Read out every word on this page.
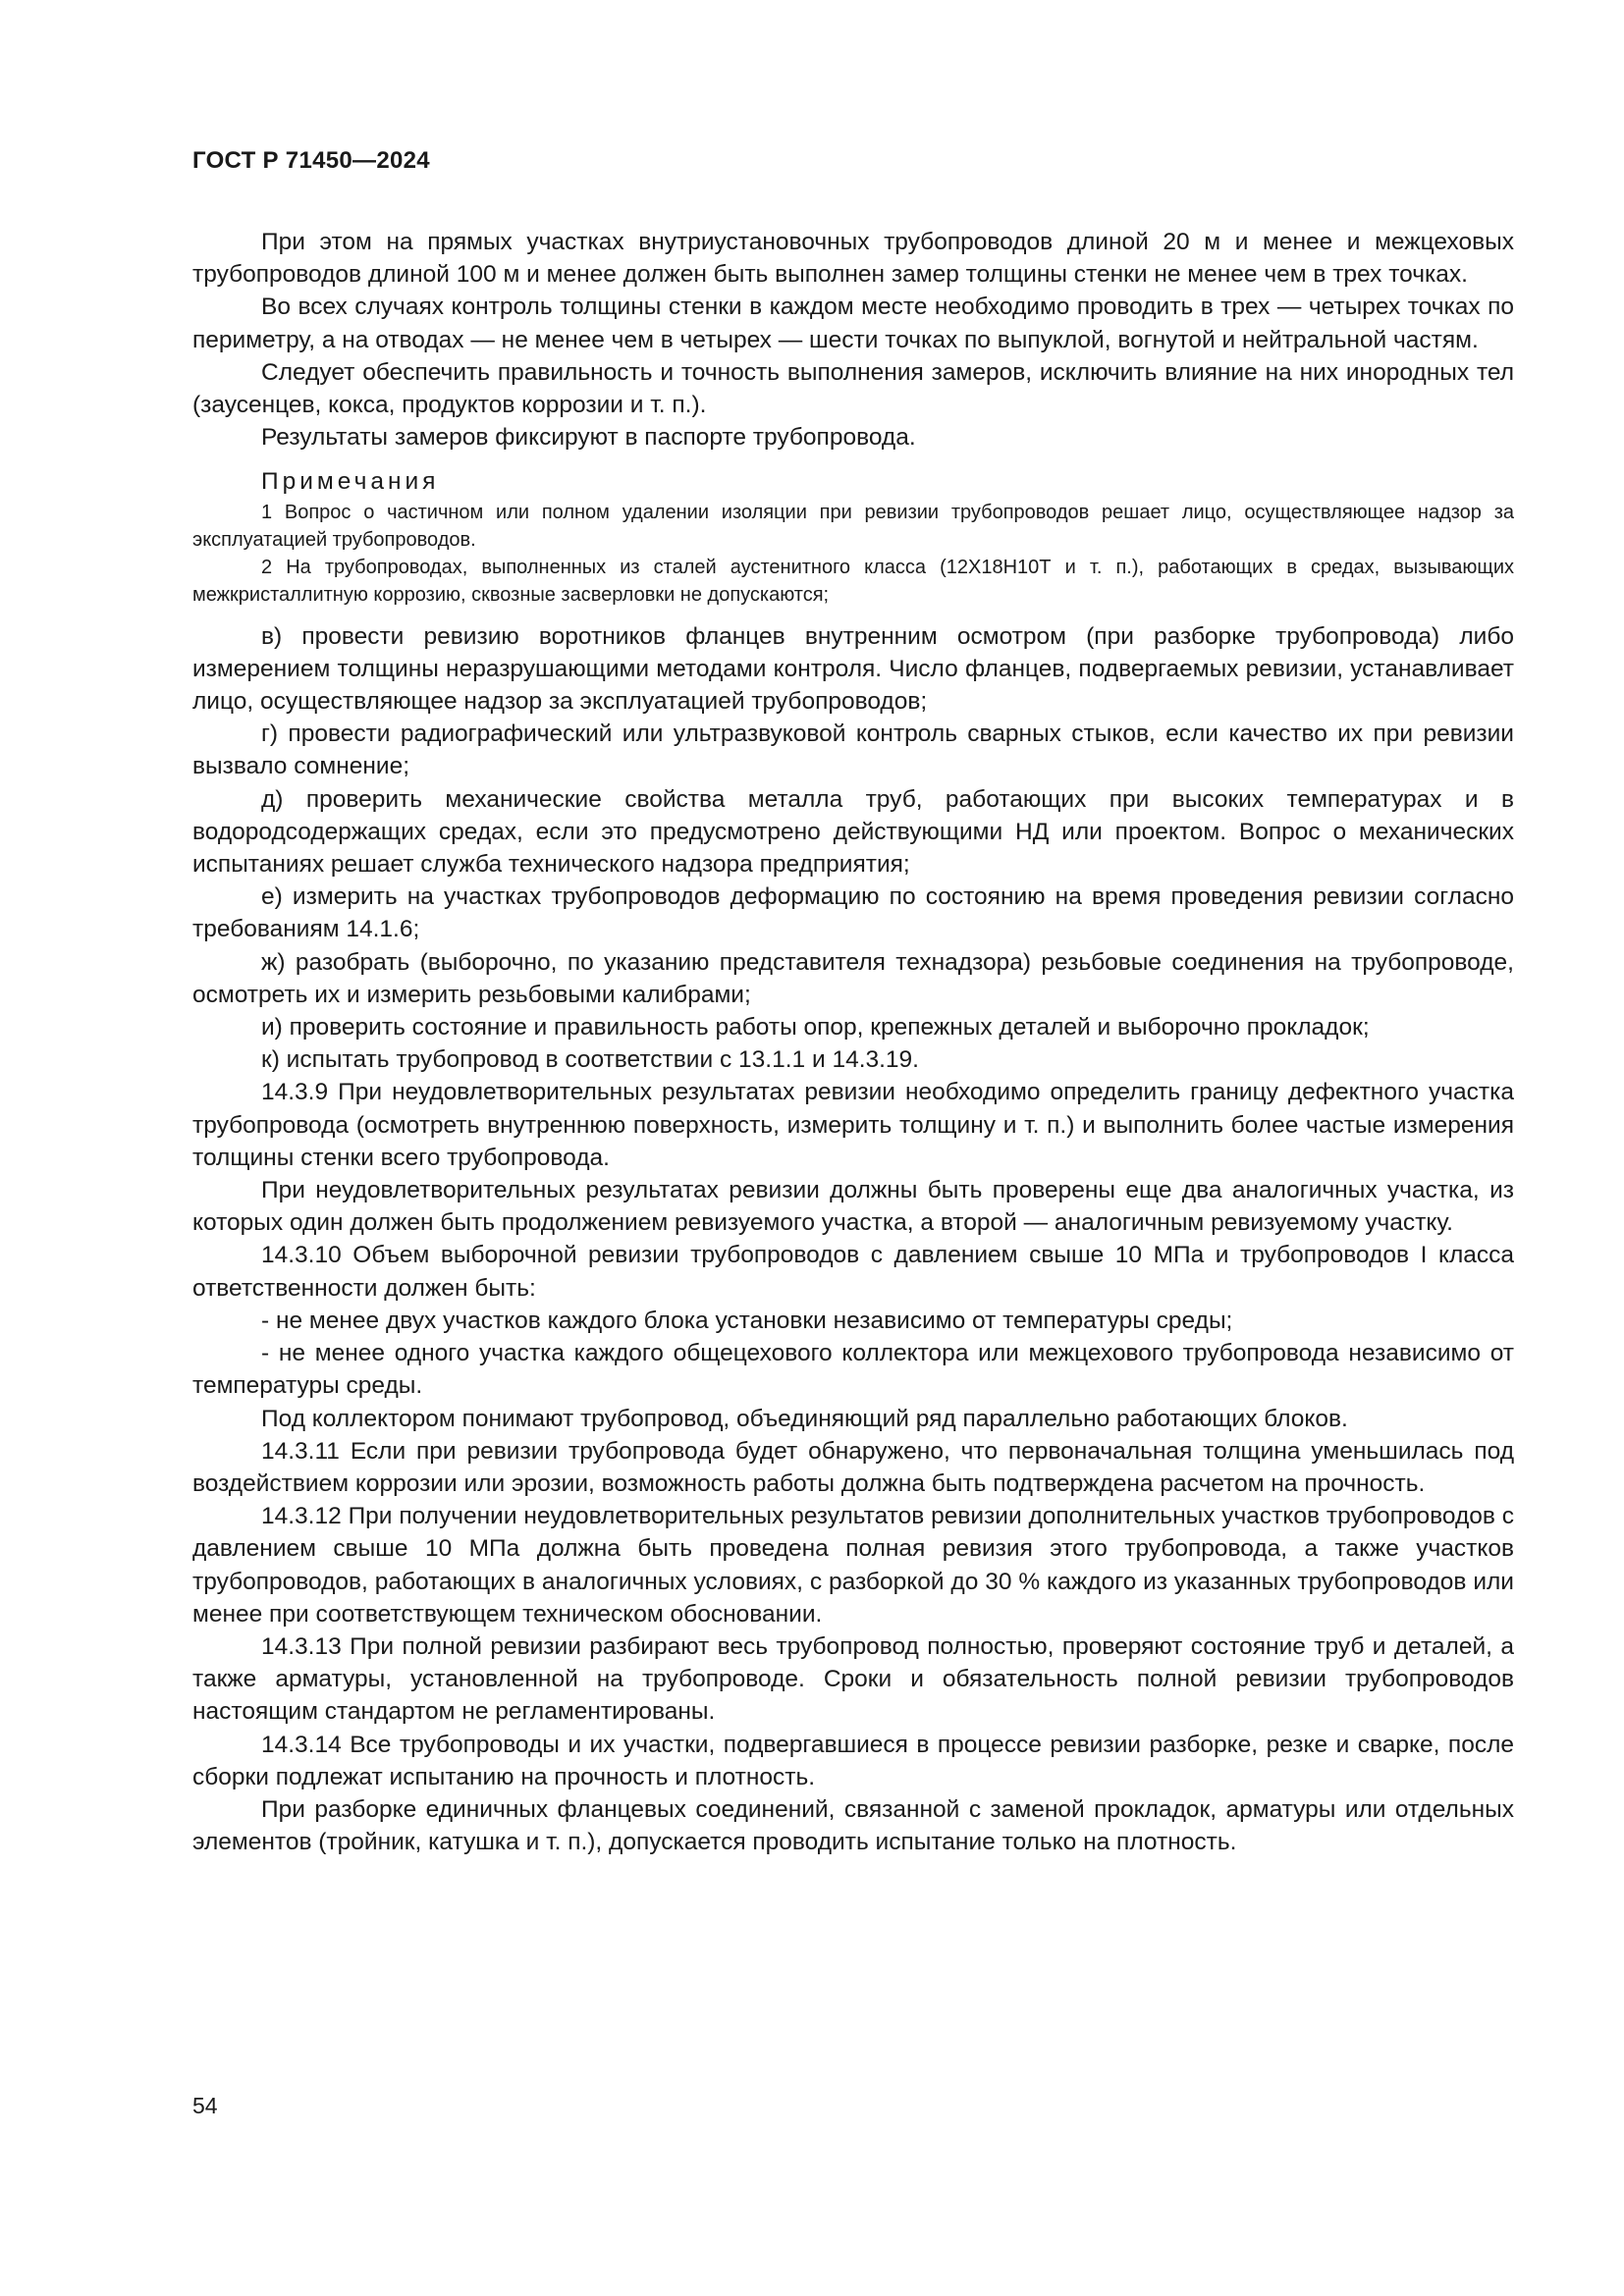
ГОСТ Р 71450—2024

При этом на прямых участках внутриустановочных трубопроводов длиной 20 м и менее и межцеховых трубопроводов длиной 100 м и менее должен быть выполнен замер толщины стенки не менее чем в трех точках.

Во всех случаях контроль толщины стенки в каждом месте необходимо проводить в трех — четырех точках по периметру, а на отводах — не менее чем в четырех — шести точках по выпуклой, вогнутой и нейтральной частям.

Следует обеспечить правильность и точность выполнения замеров, исключить влияние на них инородных тел (заусенцев, кокса, продуктов коррозии и т. п.).

Результаты замеров фиксируют в паспорте трубопровода.

Примечания

1 Вопрос о частичном или полном удалении изоляции при ревизии трубопроводов решает лицо, осуществляющее надзор за эксплуатацией трубопроводов.

2 На трубопроводах, выполненных из сталей аустенитного класса (12Х18Н10Т и т. п.), работающих в средах, вызывающих межкристаллитную коррозию, сквозные засверловки не допускаются;

в) провести ревизию воротников фланцев внутренним осмотром (при разборке трубопровода) либо измерением толщины неразрушающими методами контроля. Число фланцев, подвергаемых ревизии, устанавливает лицо, осуществляющее надзор за эксплуатацией трубопроводов;

г) провести радиографический или ультразвуковой контроль сварных стыков, если качество их при ревизии вызвало сомнение;

д) проверить механические свойства металла труб, работающих при высоких температурах и в водородсодержащих средах, если это предусмотрено действующими НД или проектом. Вопрос о механических испытаниях решает служба технического надзора предприятия;

е) измерить на участках трубопроводов деформацию по состоянию на время проведения ревизии согласно требованиям 14.1.6;

ж) разобрать (выборочно, по указанию представителя технадзора) резьбовые соединения на трубопроводе, осмотреть их и измерить резьбовыми калибрами;

и) проверить состояние и правильность работы опор, крепежных деталей и выборочно прокладок;

к) испытать трубопровод в соответствии с 13.1.1 и 14.3.19.

14.3.9 При неудовлетворительных результатах ревизии необходимо определить границу дефектного участка трубопровода (осмотреть внутреннюю поверхность, измерить толщину и т. п.) и выполнить более частые измерения толщины стенки всего трубопровода.

При неудовлетворительных результатах ревизии должны быть проверены еще два аналогичных участка, из которых один должен быть продолжением ревизуемого участка, а второй — аналогичным ревизуемому участку.

14.3.10 Объем выборочной ревизии трубопроводов с давлением свыше 10 МПа и трубопроводов I класса ответственности должен быть:

- не менее двух участков каждого блока установки независимо от температуры среды;

- не менее одного участка каждого общецехового коллектора или межцехового трубопровода независимо от температуры среды.

Под коллектором понимают трубопровод, объединяющий ряд параллельно работающих блоков.

14.3.11 Если при ревизии трубопровода будет обнаружено, что первоначальная толщина уменьшилась под воздействием коррозии или эрозии, возможность работы должна быть подтверждена расчетом на прочность.

14.3.12 При получении неудовлетворительных результатов ревизии дополнительных участков трубопроводов с давлением свыше 10 МПа должна быть проведена полная ревизия этого трубопровода, а также участков трубопроводов, работающих в аналогичных условиях, с разборкой до 30 % каждого из указанных трубопроводов или менее при соответствующем техническом обосновании.

14.3.13 При полной ревизии разбирают весь трубопровод полностью, проверяют состояние труб и деталей, а также арматуры, установленной на трубопроводе. Сроки и обязательность полной ревизии трубопроводов настоящим стандартом не регламентированы.

14.3.14 Все трубопроводы и их участки, подвергавшиеся в процессе ревизии разборке, резке и сварке, после сборки подлежат испытанию на прочность и плотность.

При разборке единичных фланцевых соединений, связанной с заменой прокладок, арматуры или отдельных элементов (тройник, катушка и т. п.), допускается проводить испытание только на плотность.

54
